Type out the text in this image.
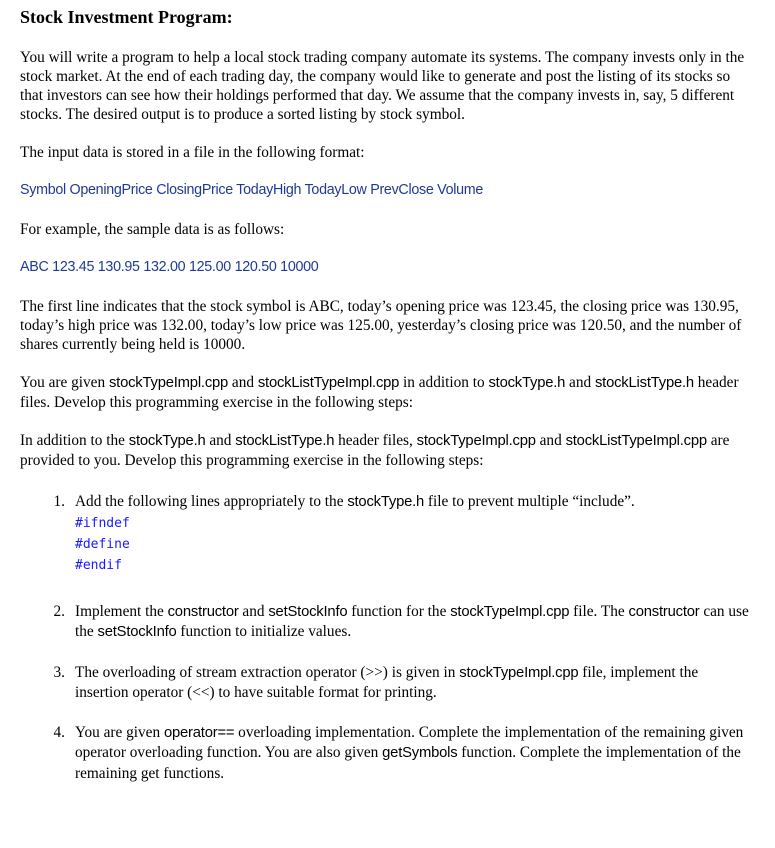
Stock Investment Program:

You will write a program to help a local stock trading company automate its systems. The company invests only in the stock market. At the end of each trading day, the company would like to generate and post the listing of its stocks so that investors can see how their holdings performed that day. We assume that the company invests in, say, 5 different stocks. The desired output is to produce a sorted listing by stock symbol.

The input data is stored in a file in the following format:

Symbol OpeningPrice ClosingPrice TodayHigh TodayLow PrevClose Volume

For example, the sample data is as follows:

ABC 123.45 130.95 132.00 125.00 120.50 10000

The first line indicates that the stock symbol is ABC, today’s opening price was 123.45, the closing price was 130.95, today’s high price was 132.00, today’s low price was 125.00, yesterday’s closing price was 120.50, and the number of shares currently being held is 10000.

You are given stockTypeImpl.cpp and stockListTypeImpl.cpp in addition to stockType.h and stockListType.h header files. Develop this programming exercise in the following steps:

In addition to the stockType.h and stockListType.h header files, stockTypeImpl.cpp and stockListTypeImpl.cpp are provided to you. Develop this programming exercise in the following steps:

1. Add the following lines appropriately to the stockType.h file to prevent multiple “include”.
#ifndef
#define
#endif
2. Implement the constructor and setStockInfo function for the stockTypeImpl.cpp file. The constructor can use the setStockInfo function to initialize values.
3. The overloading of stream extraction operator (>>) is given in stockTypeImpl.cpp file, implement the insertion operator (<<) to have suitable format for printing.
4. You are given operator== overloading implementation. Complete the implementation of the remaining given operator overloading function. You are also given getSymbols function. Complete the implementation of the remaining get functions.
